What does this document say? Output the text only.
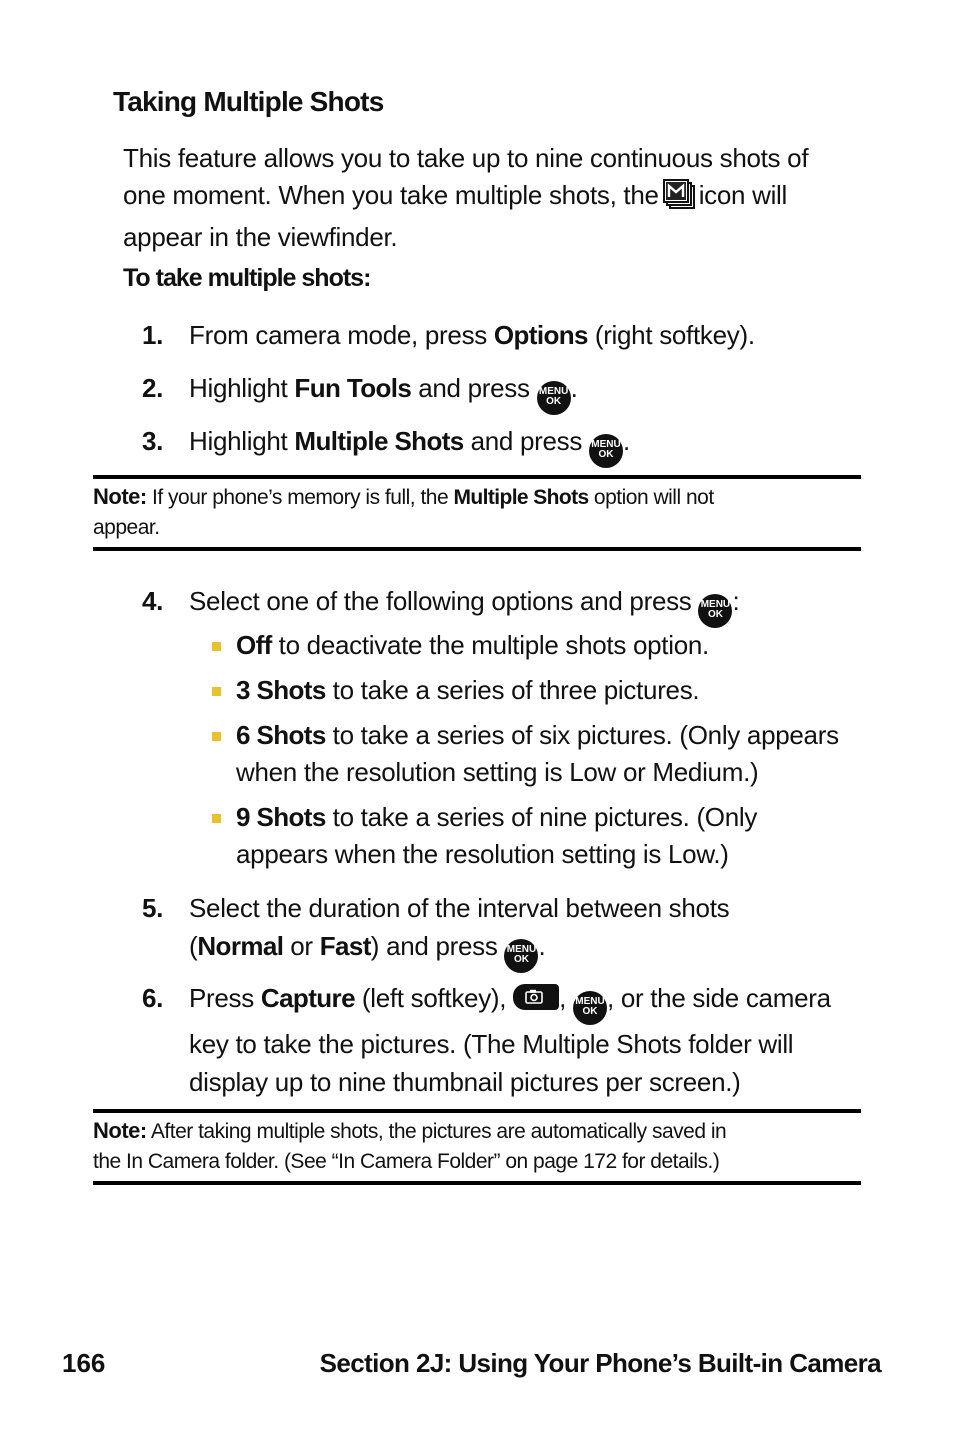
Taking Multiple Shots
This feature allows you to take up to nine continuous shots of
one moment. When you take multiple shots, the icon will
appear in the viewfinder.
To take multiple shots:
1. From camera mode, press Options (right softkey).
2. Highlight Fun Tools and press MENU
OK .
3. Highlight Multiple Shots and press MENU
OK .
Note: If your phone’s memory is full, the Multiple Shots option will not
appear.
4. Select one of the following options and press MENU
OK :
Off to deactivate the multiple shots option.
3 Shots to take a series of three pictures.
6 Shots to take a series of six pictures. (Only appears
when the resolution setting is Low or Medium.)
9 Shots to take a series of nine pictures. (Only
appears when the resolution setting is Low.)
5. Select the duration of the interval between shots
(Normal or Fast) and press MENU
OK .
6. Press Capture (left softkey),
, MENU
OK , or the side camera
key to take the pictures. (The Multiple Shots folder will
display up to nine thumbnail pictures per screen.)
Note: After taking multiple shots, the pictures are automatically saved in
the In Camera folder. (See “In Camera Folder” on page 172 for details.)
166	Section 2J: Using Your Phone’s Built-in Camera
